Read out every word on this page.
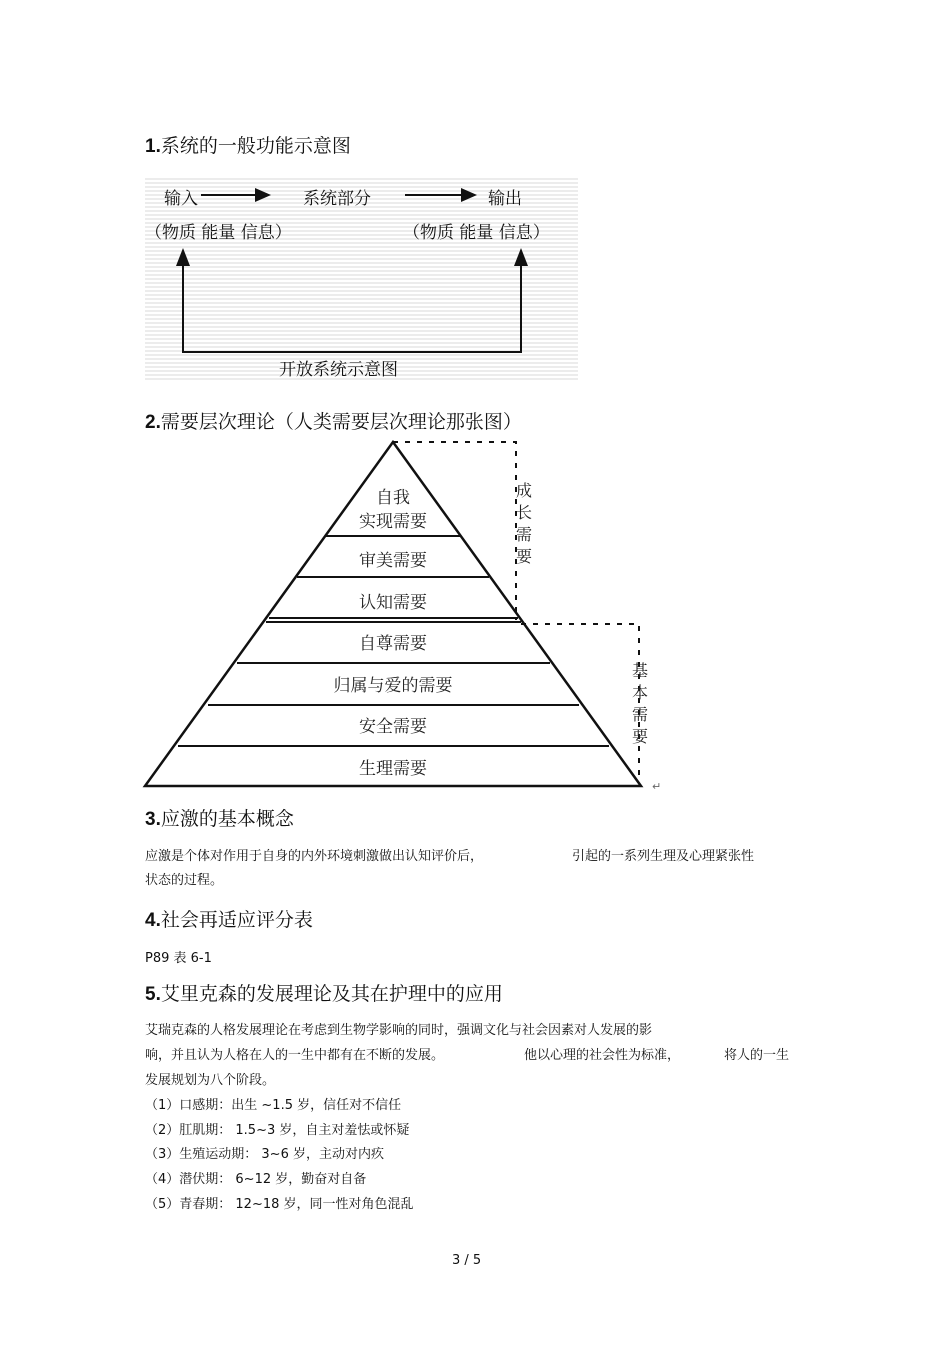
1.系统的一般功能示意图
输入	系统部分	输出
（物质 能量 信息）	（物质 能量 信息）
开放系统示意图
2.需要层次理论（人类需要层次理论那张图）
自我
实现需要
审美需要
认知需要
自尊需要
归属与爱的需要
安全需要
生理需要
成
长
需
要
基
本
需
要
↵
3.应激的基本概念
应激是个体对作用于自身的内外环境刺激做出认知评价后，	引起的一系列生理及心理紧张性
状态的过程。
4.社会再适应评分表
P89 表 6-1
5.艾里克森的发展理论及其在护理中的应用
艾瑞克森的人格发展理论在考虑到生物学影响的同时，强调文化与社会因素对人发展的影
响，并且认为人格在人的一生中都有在不断的发展。	他以心理的社会性为标准，	将人的一生
发展规划为八个阶段。
（1）口感期：出生 ~1.5 岁，信任对不信任
（2）肛肌期： 1.5~3 岁，自主对羞怯或怀疑
（3）生殖运动期： 3~6 岁，主动对内疚
（4）潜伏期： 6~12 岁，勤奋对自备
（5）青春期： 12~18 岁，同一性对角色混乱
3 / 5
